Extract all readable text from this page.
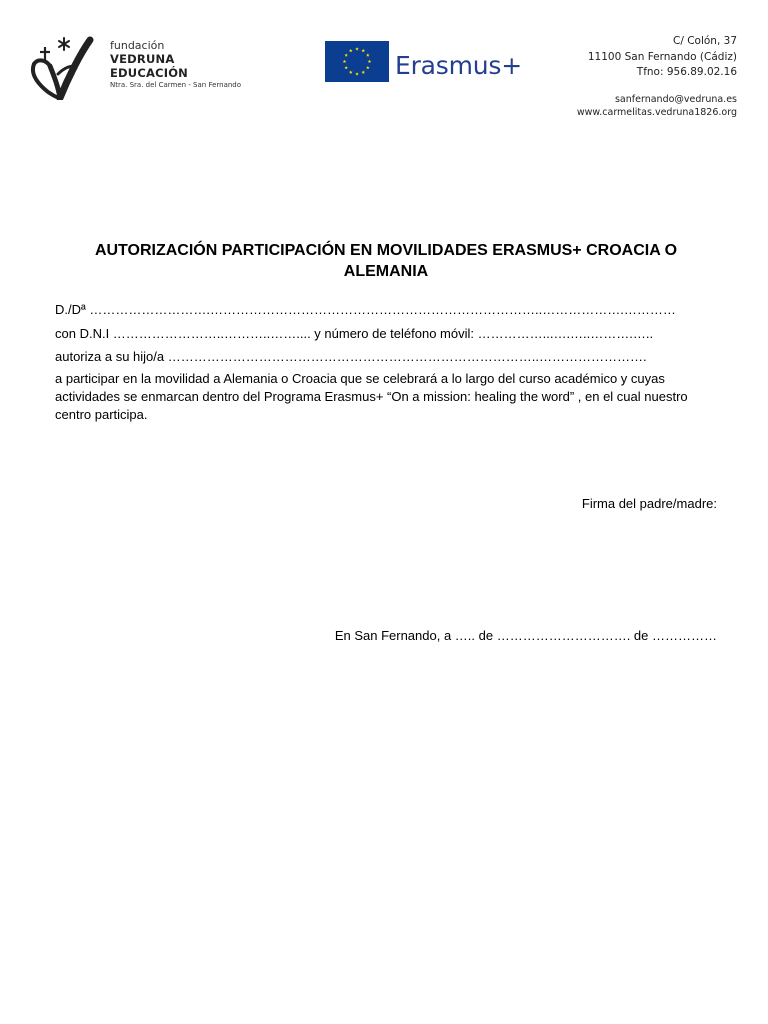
fundación
VEDRUNA
EDUCACIÓN
Ntra. Sra. del Carmen - San Fernando
Erasmus+
C/ Colón, 37
11100 San Fernando (Cádiz)
Tfno: 956.89.02.16
sanfernando@vedruna.es
www.carmelitas.vedruna1826.org
AUTORIZACIÓN PARTICIPACIÓN EN MOVILIDADES ERASMUS+ CROACIA O ALEMANIA
D./Dª ……………………….…………………………………………………………………..……………….…………
con D.N.I ……………………..………..…….... y número de teléfono móvil: ……………...….…..……….…..
autoriza a su hijo/a …………………………………………………………………………..…………………….
a participar en la movilidad a Alemania o Croacia que se celebrará a lo largo del curso académico y cuyas actividades se enmarcan dentro del Programa Erasmus+ “On a mission: healing the word” , en el cual nuestro centro participa.
Firma del padre/madre:
En San Fernando, a ….. de …………………………. de ……………
